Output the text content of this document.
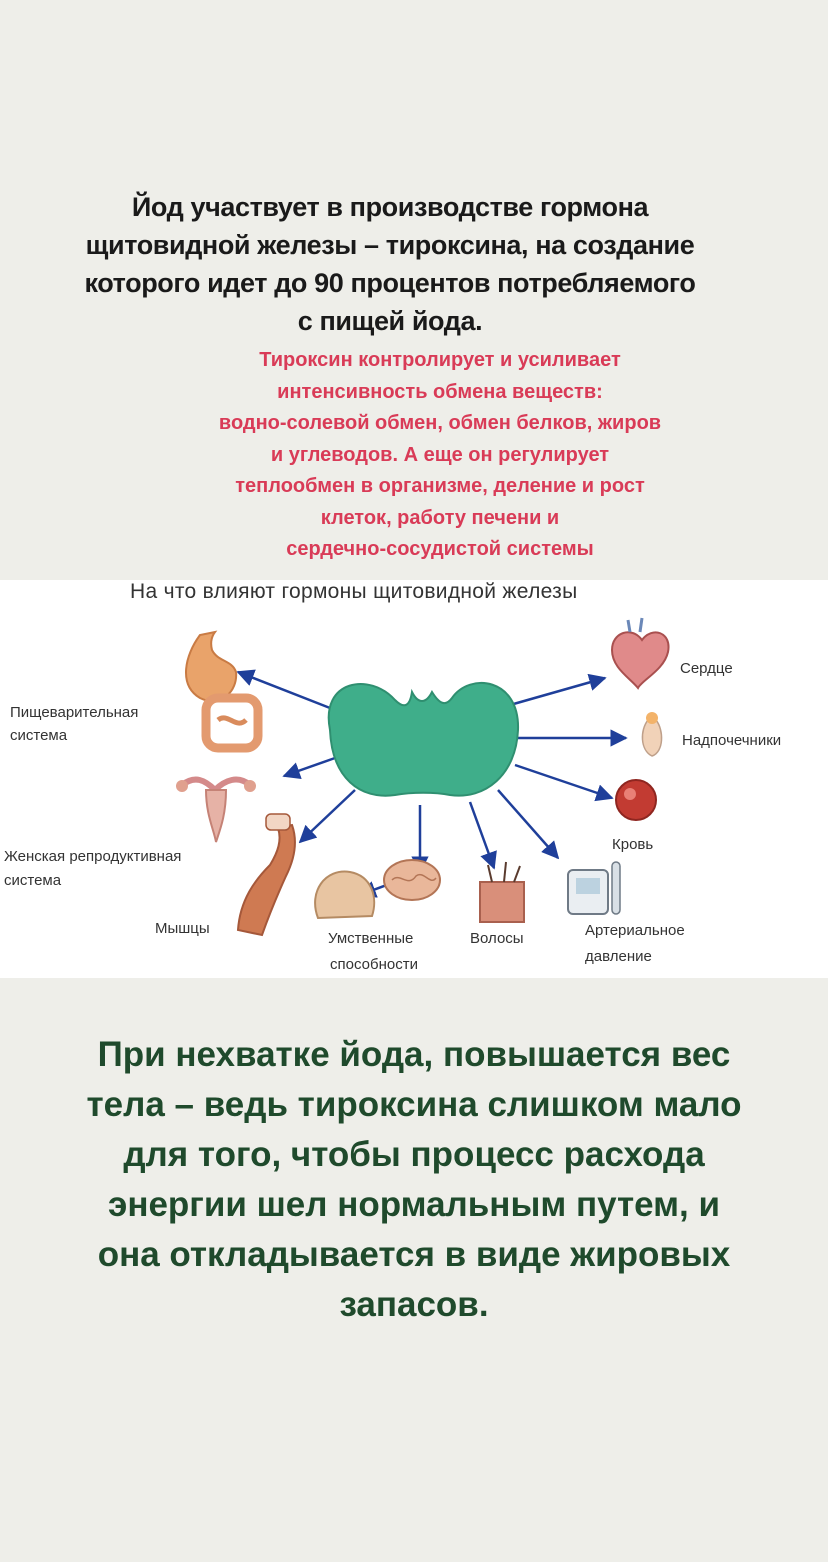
Йод участвует в производстве гормона
щитовидной железы – тироксина, на создание
которого идет до 90 процентов потребляемого
с пищей йода.
Тироксин контролирует и усиливает
интенсивность обмена веществ:
водно-солевой обмен, обмен белков, жиров
и углеводов. А еще он регулирует
теплообмен в организме, деление и рост
клеток, работу печени и
сердечно-сосудистой системы
На что влияют гормоны щитовидной железы
Пищеварительная
система
Женская репродуктивная
система
Мышцы
Умственные
способности
Волосы	Артериальное
давление
Кровь
Надпочечники
Сердце
При нехватке йода, повышается вес
тела – ведь тироксина слишком мало
для того, чтобы процесс расхода
энергии шел нормальным путем, и
она откладывается в виде жировых
запасов.
